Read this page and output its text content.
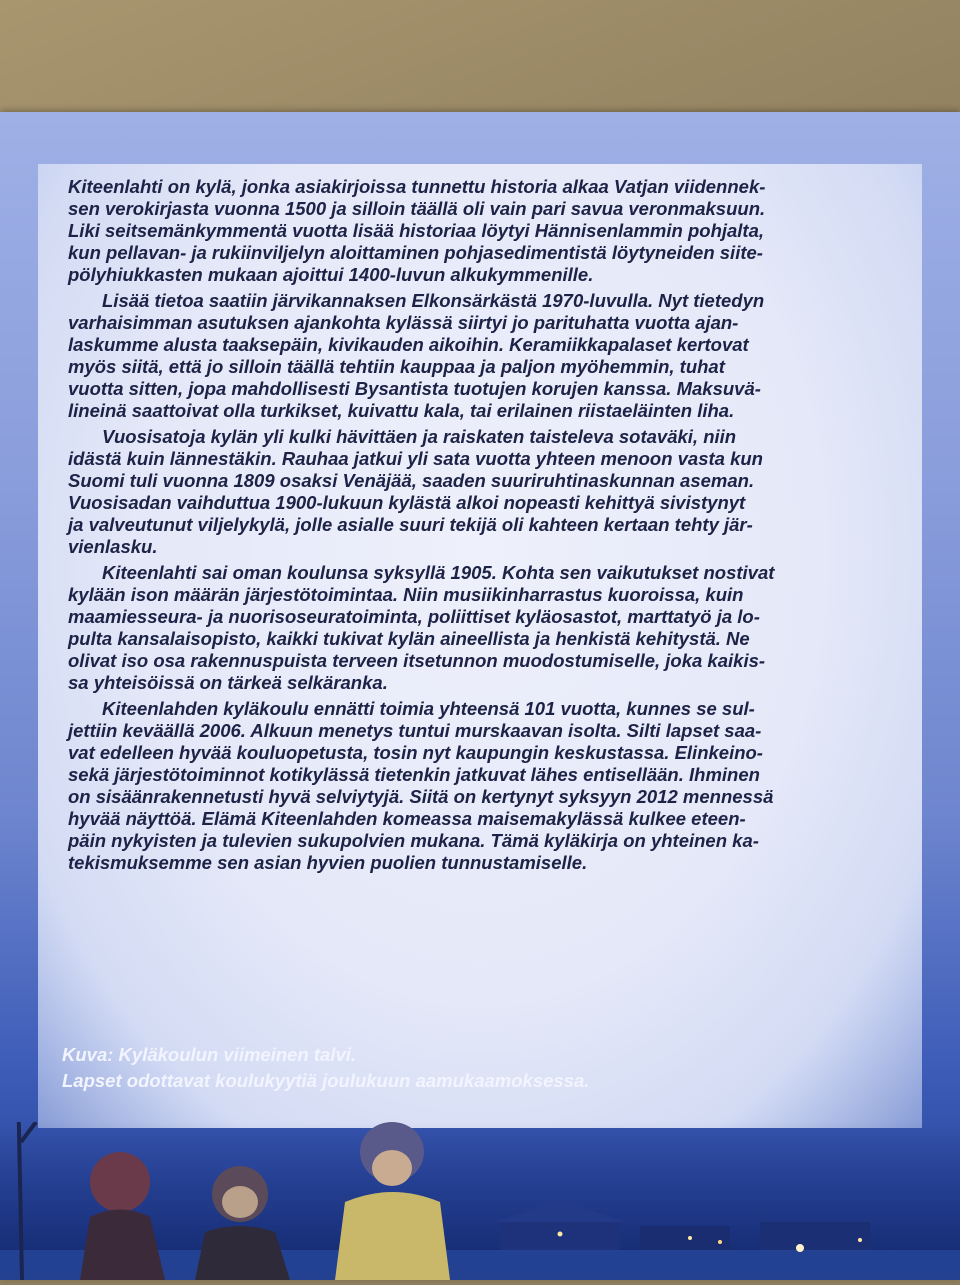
Kiteenlahti on kylä, jonka asiakirjoissa tunnettu historia alkaa Vatjan viidennek-
sen verokirjasta vuonna 1500 ja silloin täällä oli vain pari savua veronmaksuun.
Liki seitsemänkymmentä vuotta lisää historiaa löytyi Hännisenlammin pohjalta,
kun pellavan- ja rukiinviljelyn aloittaminen pohjasedimentistä löytyneiden siite-
pölyhiukkasten mukaan ajoittui 1400-luvun alkukymmenille.
Lisää tietoa saatiin järvikannaksen Elkonsärkästä 1970-luvulla. Nyt tietedyn
varhaisimman asutuksen ajankohta kylässä siirtyi jo parituhatta vuotta ajan-
laskumme alusta taaksepäin, kivikauden aikoihin. Keramiikkapalaset kertovat
myös siitä, että jo silloin täällä tehtiin kauppaa ja paljon myöhemmin, tuhat
vuotta sitten, jopa mahdollisesti Bysantista tuotujen korujen kanssa. Maksuvä-
lineinä saattoivat olla turkikset, kuivattu kala, tai erilainen riistaeläinten liha.
Vuosisatoja kylän yli kulki hävittäen ja raiskaten taisteleva sotaväki, niin
idästä kuin lännestäkin. Rauhaa jatkui yli sata vuotta yhteen menoon vasta kun
Suomi tuli vuonna 1809 osaksi Venäjää, saaden suuriruhtinaskunnan aseman.
Vuosisadan vaihduttua 1900-lukuun kylästä alkoi nopeasti kehittyä sivistynyt
ja valveutunut viljelykylä, jolle asialle suuri tekijä oli kahteen kertaan tehty jär-
vienlasku.
Kiteenlahti sai oman koulunsa syksyllä 1905. Kohta sen vaikutukset nostivat
kylään ison määrän järjestötoimintaa. Niin musiikinharrastus kuoroissa, kuin
maamiesseura- ja nuorisoseuratoiminta, poliittiset kyläosastot, marttatyö ja lo-
pulta kansalaisopisto, kaikki tukivat kylän aineellista ja henkistä kehitystä. Ne
olivat iso osa rakennuspuista terveen itsetunnon muodostumiselle, joka kaikis-
sa yhteisöissä on tärkeä selkäranka.
Kiteenlahden kyläkoulu ennätti toimia yhteensä 101 vuotta, kunnes se sul-
jettiin keväällä 2006. Alkuun menetys tuntui murskaavan isolta. Silti lapset saa-
vat edelleen hyvää kouluopetusta, tosin nyt kaupungin keskustassa. Elinkeino-
sekä järjestötoiminnot kotikylässä tietenkin jatkuvat lähes entisellään. Ihminen
on sisäänrakennetusti hyvä selviytyjä. Siitä on kertynyt syksyyn 2012 mennessä
hyvää näyttöä. Elämä Kiteenlahden komeassa maisemakylässä kulkee eteen-
päin nykyisten ja tulevien sukupolvien mukana. Tämä kyläkirja on yhteinen ka-
tekismuksemme sen asian hyvien puolien tunnustamiselle.
Kuva: Kyläkoulun viimeinen talvi.
Lapset odottavat koulukyytiä joulukuun aamukaamoksessa.
